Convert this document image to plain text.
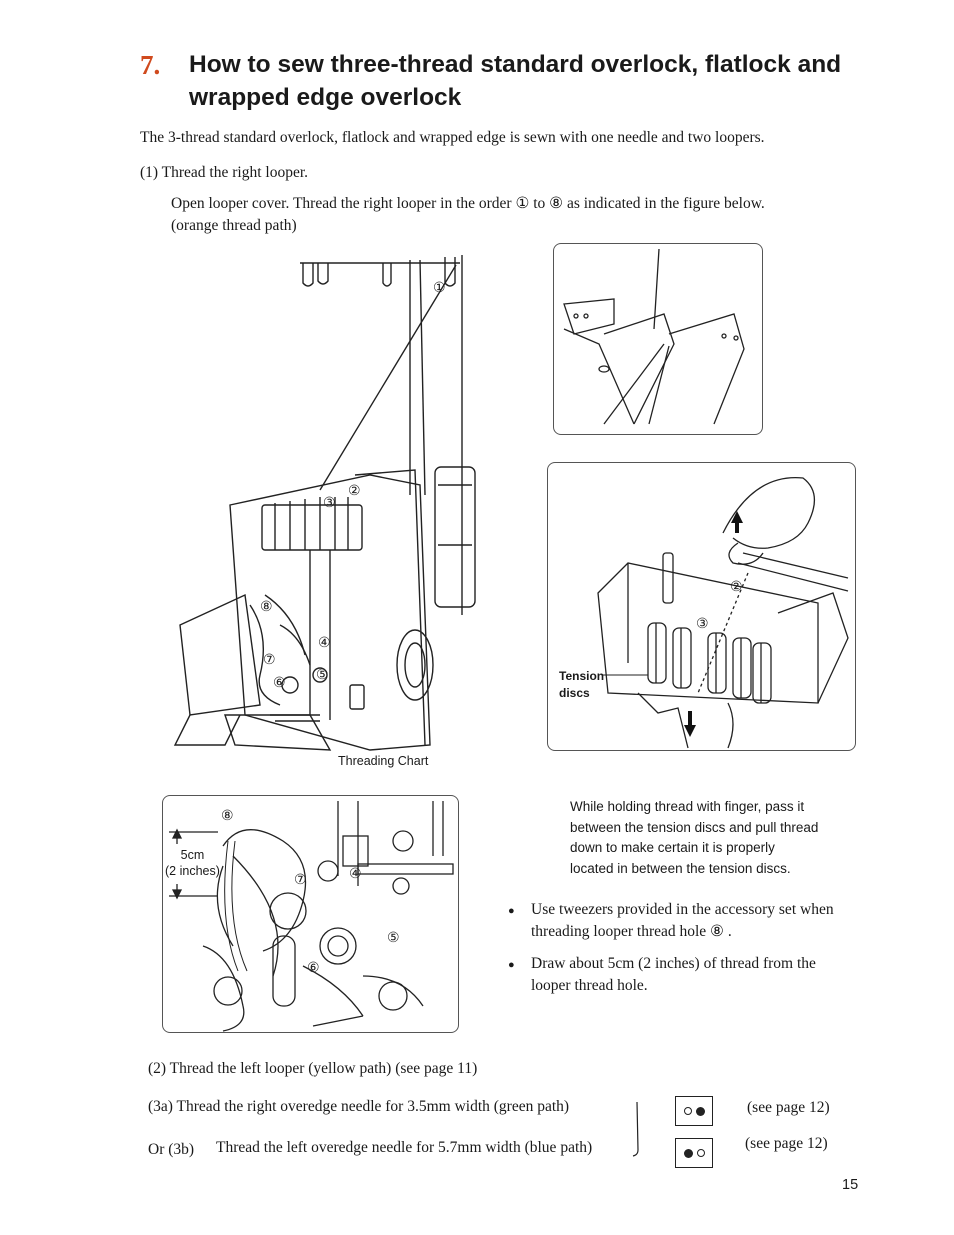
7. How to sew three-thread standard overlock, flatlock and
wrapped edge overlock
The 3-thread standard overlock, flatlock and wrapped edge is sewn with one needle and two loopers.
(1) Thread the right looper.
Open looper cover. Thread the right looper in the order ① to ⑧ as indicated in the figure below.
(orange thread path)
①
②
③
④
⑤
⑥
⑦
⑧
Threading Chart
②
③
Tension
discs
⑧
⑦	④
⑤
⑥
5cm
(2 inches)
While holding thread with finger, pass it
between the tension discs and pull thread
down to make certain it is properly
located in between the tension discs.
● Use tweezers provided in the accessory set when
threading looper thread hole ⑧ .
● Draw about 5cm (2 inches) of thread from the
looper thread hole.
(2) Thread the left looper (yellow path) (see page 11)
(3a) Thread the right overedge needle for 3.5mm width (green path)
Or (3b) Thread the left overedge needle for 5.7mm width (blue path)
(see page 12)
(see page 12)
15
